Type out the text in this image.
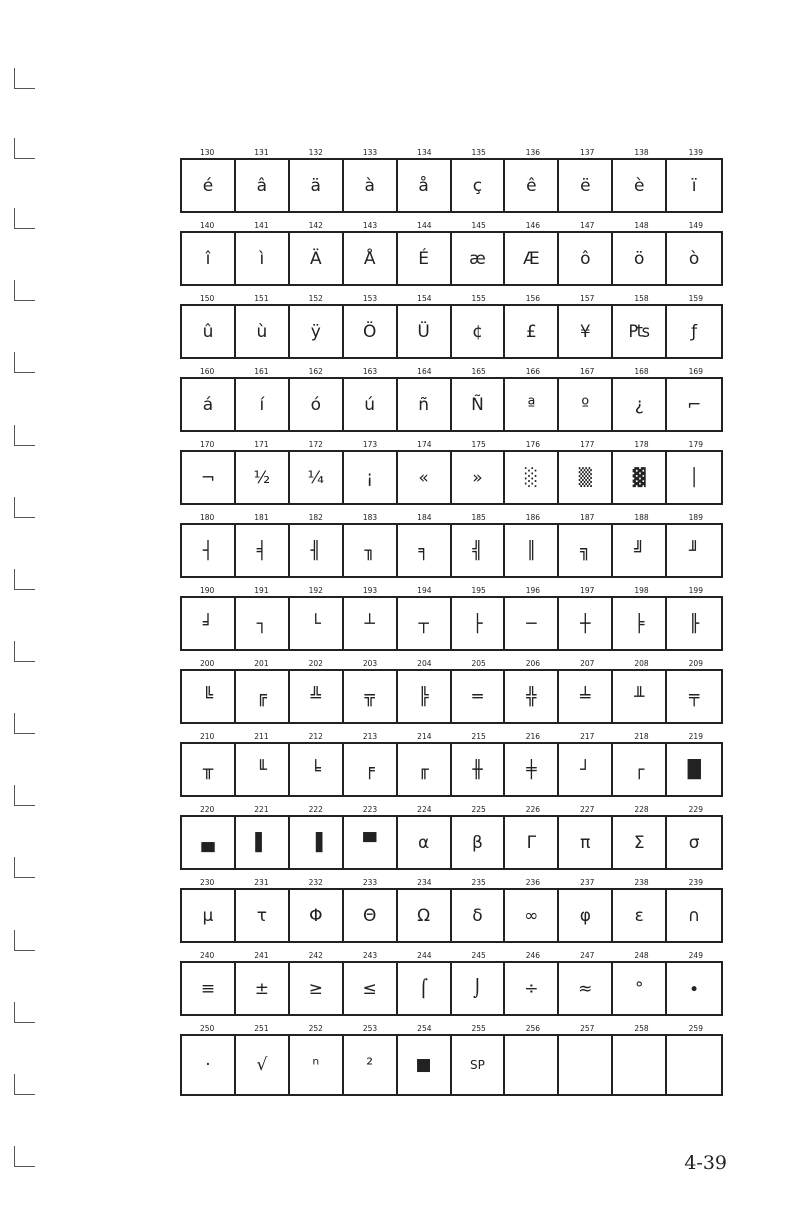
130	131	132	133	134	135	136	137	138	139
é	â	ä	à	å	ç	ê	ë	è	ï
140	141	142	143	144	145	146	147	148	149
î	ì	Ä	Å	É	æ	Æ	ô	ö	ò
150	151	152	153	154	155	156	157	158	159
û	ù	ÿ	Ö	Ü	¢	£	¥	₧	ƒ
160	161	162	163	164	165	166	167	168	169
á	í	ó	ú	ñ	Ñ	ª	º	¿	⌐
170	171	172	173	174	175	176	177	178	179
¬	½	¼	¡	«	»	░	▒	▓	│
180	181	182	183	184	185	186	187	188	189
┤	╡	╢	╖	╕	╣	║	╗	╝	╜
190	191	192	193	194	195	196	197	198	199
╛	┐	└	┴	┬	├	─	┼	╞	╟
200	201	202	203	204	205	206	207	208	209
╚	╔	╩	╦	╠	═	╬	╧	╨	╤
210	211	212	213	214	215	216	217	218	219
╥	╙	╘	╒	╓	╫	╪	┘	┌	█
220	221	222	223	224	225	226	227	228	229
▄	▌	▐	▀	α	β	Γ	π	Σ	σ
230	231	232	233	234	235	236	237	238	239
µ	τ	Φ	Θ	Ω	δ	∞	φ	ε	∩
240	241	242	243	244	245	246	247	248	249
≡	±	≥	≤	⌠	⌡	÷	≈	°	∙
250	251	252	253	254	255	256	257	258	259
·	√	ⁿ	²	■	SP
4-39
